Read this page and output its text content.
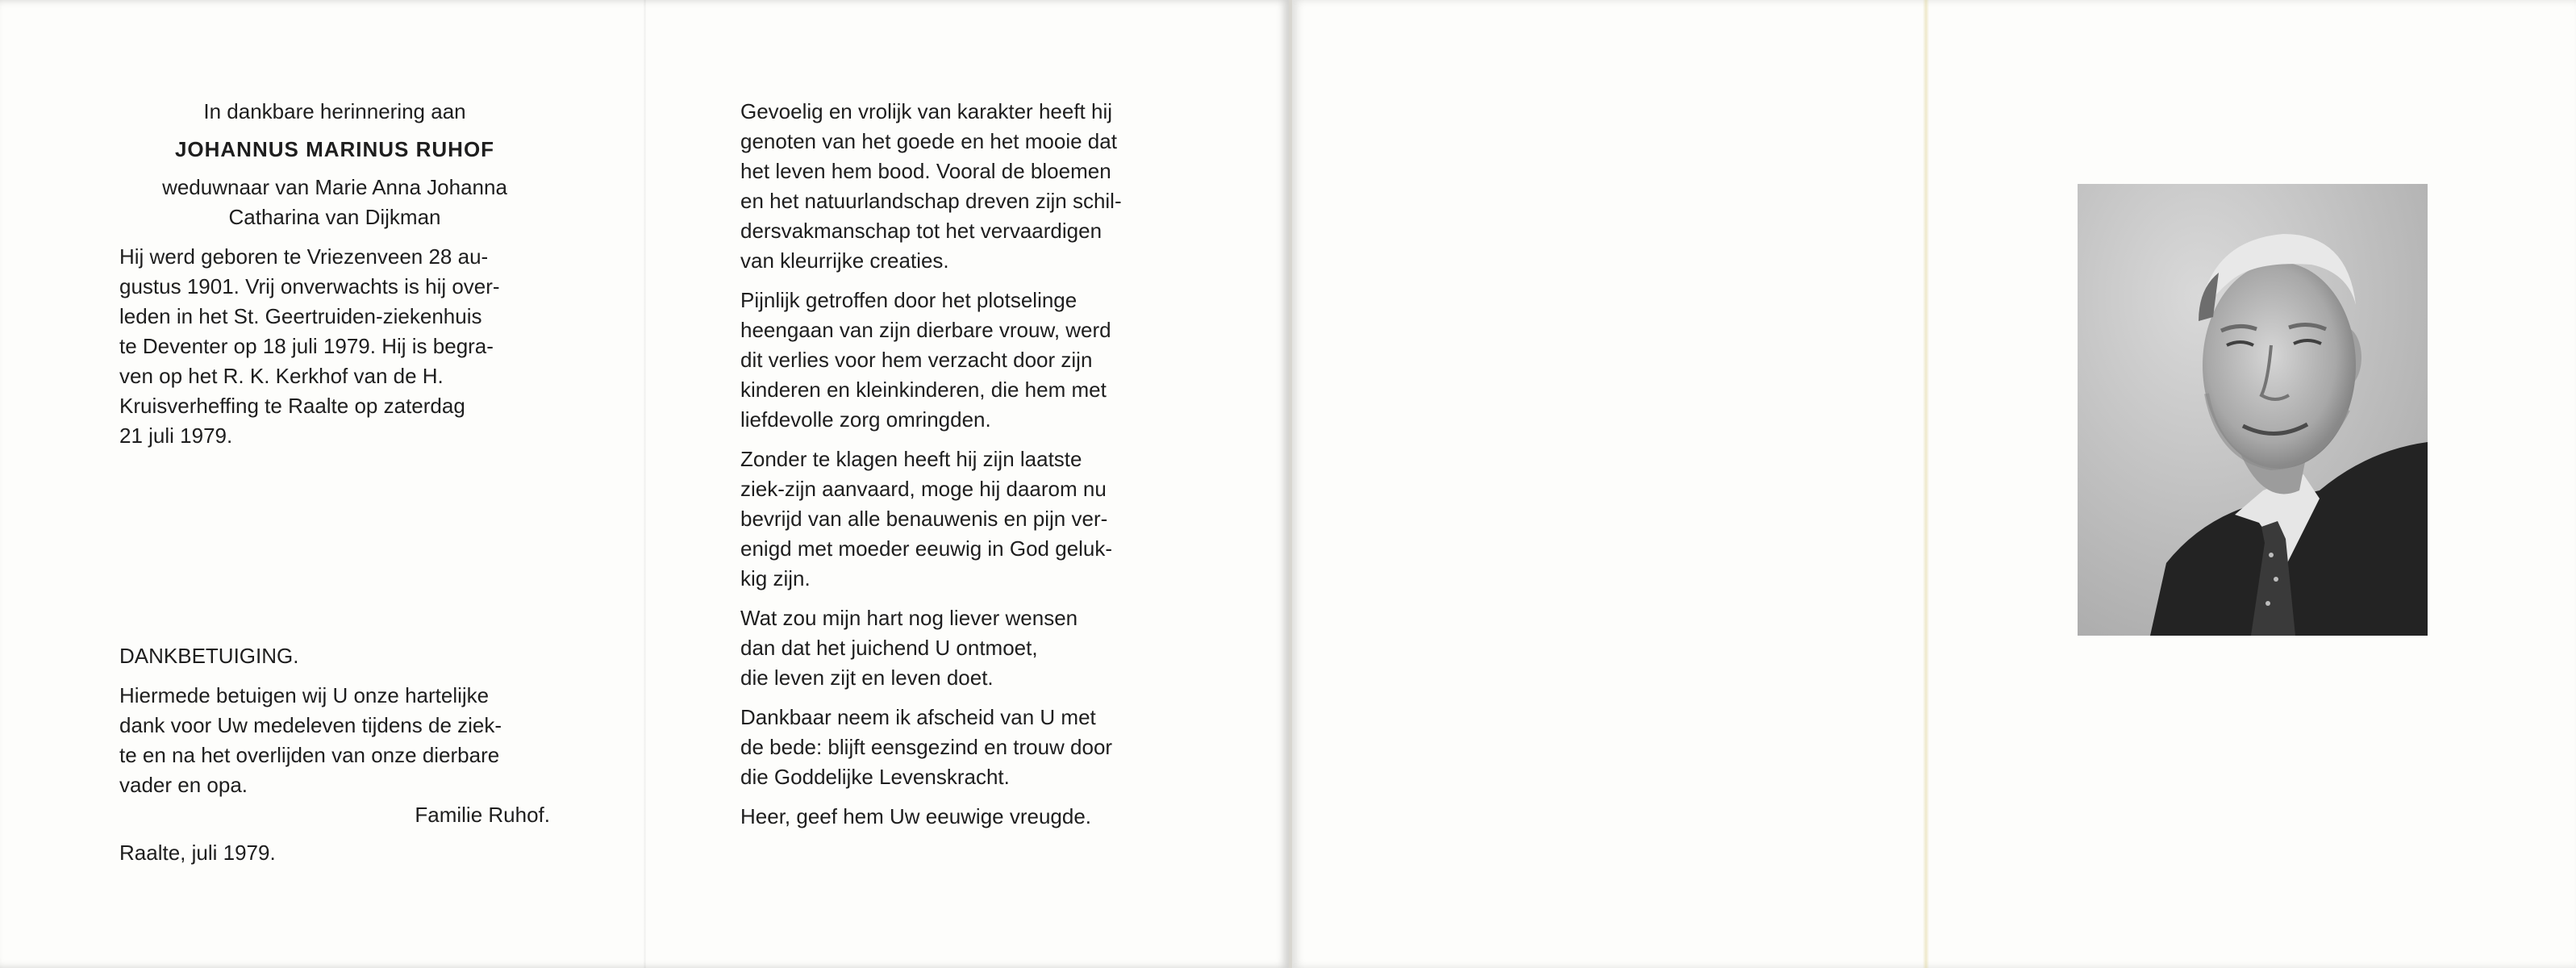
In dankbare herinnering aan

JOHANNUS MARINUS RUHOF

weduwnaar van Marie Anna Johanna

Catharina van Dijkman

Hij werd geboren te Vriezenveen 28 au-

gustus 1901. Vrij onverwachts is hij over-

leden in het St. Geertruiden-ziekenhuis

te Deventer op 18 juli 1979. Hij is begra-

ven op het R. K. Kerkhof van de H.

Kruisverheffing te Raalte op zaterdag

21 juli 1979.

DANKBETUIGING.

Hiermede betuigen wij U onze hartelijke

dank voor Uw medeleven tijdens de ziek-

te en na het overlijden van onze dierbare

vader en opa.

Familie Ruhof.

Raalte, juli 1979.

Gevoelig en vrolijk van karakter heeft hij

genoten van het goede en het mooie dat

het leven hem bood. Vooral de bloemen

en het natuurlandschap dreven zijn schil-

dersvakmanschap tot het vervaardigen

van kleurrijke creaties.

Pijnlijk getroffen door het plotselinge

heengaan van zijn dierbare vrouw, werd

dit verlies voor hem verzacht door zijn

kinderen en kleinkinderen, die hem met

liefdevolle zorg omringden.

Zonder te klagen heeft hij zijn laatste

ziek-zijn aanvaard, moge hij daarom nu

bevrijd van alle benauwenis en pijn ver-

enigd met moeder eeuwig in God geluk-

kig zijn.

Wat zou mijn hart nog liever wensen

dan dat het juichend U ontmoet,

die leven zijt en leven doet.

Dankbaar neem ik afscheid van U met

de bede: blijft eensgezind en trouw door

die Goddelijke Levenskracht.

Heer, geef hem Uw eeuwige vreugde.
